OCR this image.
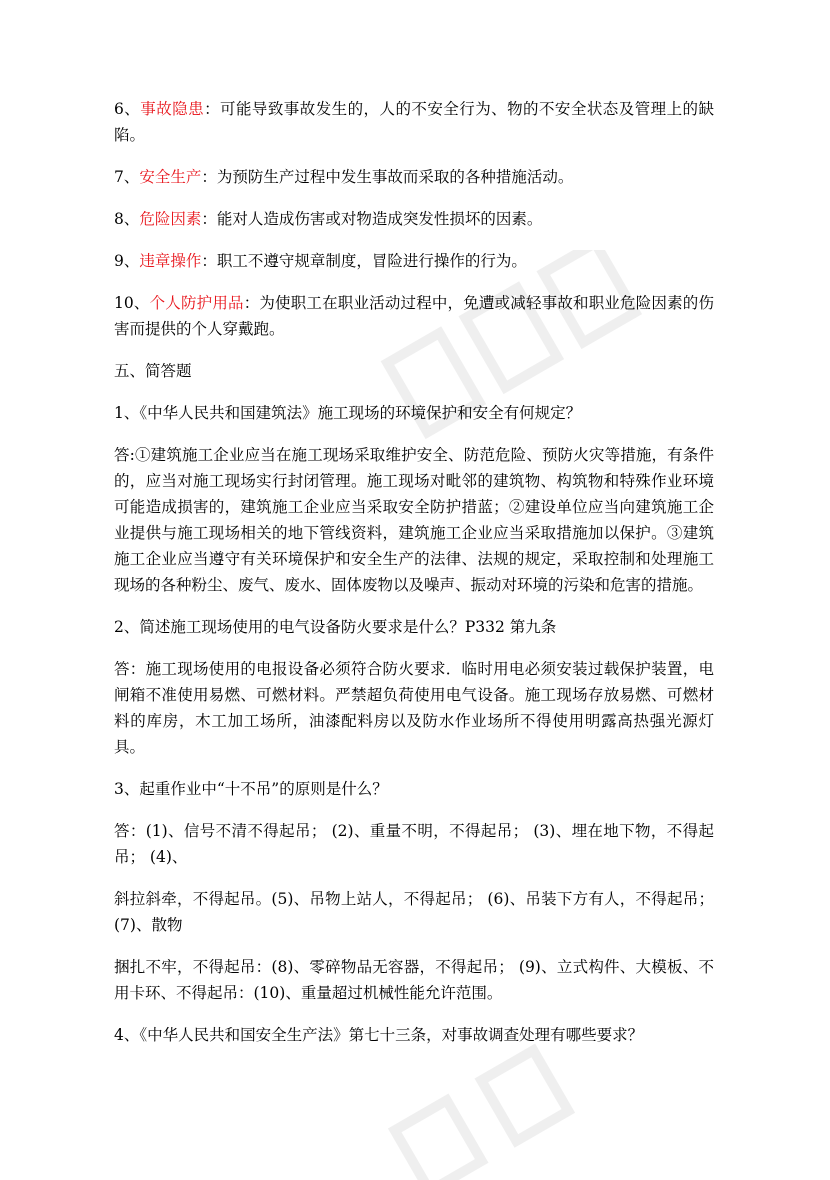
6、事故隐患：可能导致事故发生的，人的不安全行为、物的不安全状态及管理上的缺陷。

7、安全生产：为预防生产过程中发生事故而采取的各种措施活动。

8、危险因素：能对人造成伤害或对物造成突发性损坏的因素。

9、违章操作：职工不遵守规章制度，冒险进行操作的行为。

10、个人防护用品：为使职工在职业活动过程中，免遭或减轻事故和职业危险因素的伤害而提供的个人穿戴跑。

五、简答题

1、《中华人民共和国建筑法》施工现场的环境保护和安全有何规定？

答:①建筑施工企业应当在施工现场采取维护安全、防范危险、预防火灾等措施，有条件的，应当对施工现场实行封闭管理。施工现场对毗邻的建筑物、构筑物和特殊作业环境可能造成损害的，建筑施工企业应当采取安全防护措蓝；②建设单位应当向建筑施工企业提供与施工现场相关的地下管线资料，建筑施工企业应当采取措施加以保护。③建筑施工企业应当遵守有关环境保护和安全生产的法律、法规的规定，采取控制和处理施工现场的各种粉尘、废气、废水、固体废物以及噪声、振动对环境的污染和危害的措施。

2、简述施工现场使用的电气设备防火要求是什么？P332 第九条

答：施工现场使用的电报设备必须符合防火要求．临时用电必须安装过载保护装置，电闸箱不准使用易燃、可燃材料。严禁超负荷使用电气设备。施工现场存放易燃、可燃材料的库房，木工加工场所，油漆配料房以及防水作业场所不得使用明露高热强光源灯具。

3、起重作业中“十不吊”的原则是什么？

答：(1)、信号不清不得起吊； (2)、重量不明，不得起吊； (3)、埋在地下物，不得起吊； (4)、

斜拉斜牵，不得起吊。(5)、吊物上站人，不得起吊； (6)、吊装下方有人，不得起吊； (7)、散物

捆扎不牢，不得起吊：(8)、零碎物品无容器，不得起吊； (9)、立式构件、大模板、不用卡环、不得起吊：(10)、重量超过机械性能允许范围。

4、《中华人民共和国安全生产法》第七十三条，对事故调查处理有哪些要求？
